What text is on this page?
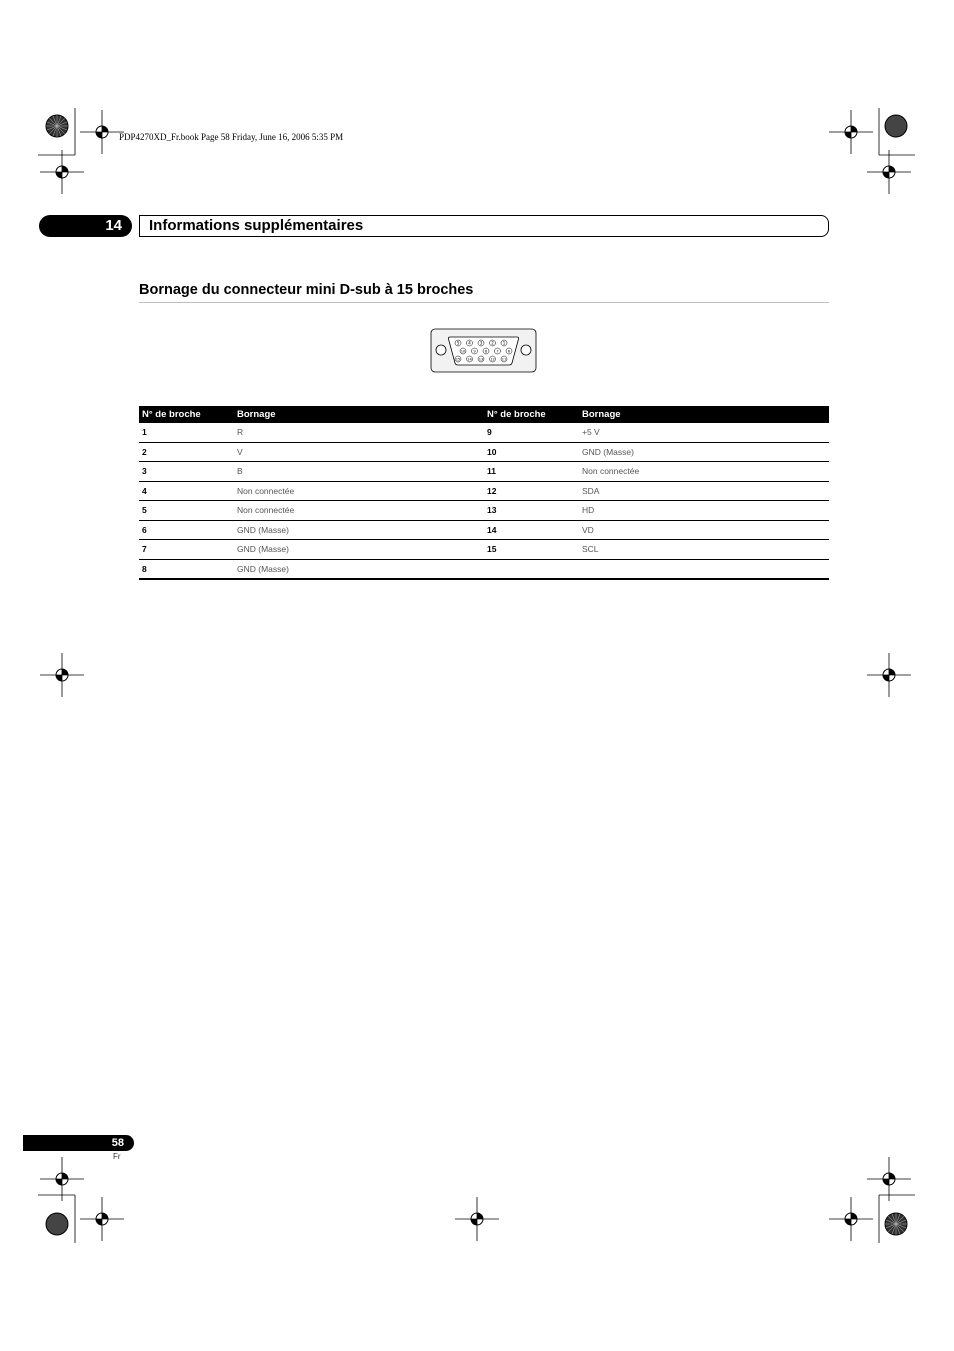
PDP4270XD_Fr.book Page 58 Friday, June 16, 2006 5:35 PM
14	Informations supplémentaires
Bornage du connecteur mini D-sub à 15 broches
5 4 3 2 1
10 9	8	7	6
15 14 13 12 11
N° de broche	Bornage	N° de broche	Bornage
1	R	9	+5 V
2	V	10	GND (Masse)
3	B	11	Non connectée
4	Non connectée	12	SDA
5	Non connectée	13	HD
6	GND (Masse)	14	VD
7	GND (Masse)	15	SCL
8	GND (Masse)		
58
Fr
